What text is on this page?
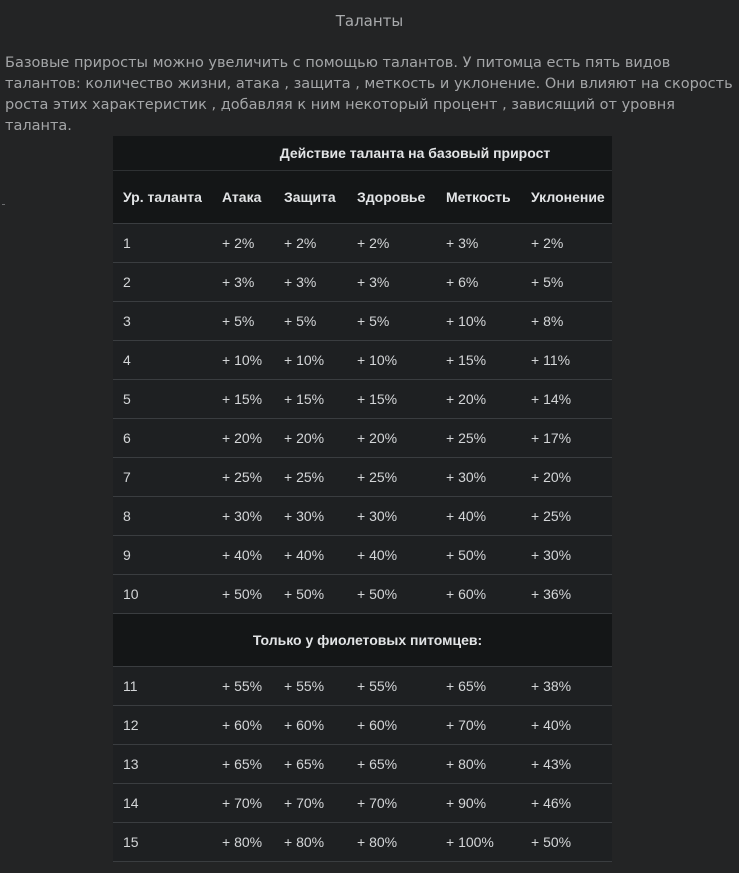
Таланты

Базовые приросты можно увеличить с помощью талантов. У питомца есть пять видов талантов: количество жизни, атака , защита , меткость и уклонение. Они влияют на скорость роста этих характеристик , добавляя к ним некоторый процент , зависящий от уровня таланта.

Действие таланта на базовый прирост					
Ур. таланта	Атака	Защита	Здоровье	Меткость	Уклонение
1	+ 2%	+ 2%	+ 2%	+ 3%	+ 2%
2	+ 3%	+ 3%	+ 3%	+ 6%	+ 5%
3	+ 5%	+ 5%	+ 5%	+ 10%	+ 8%
4	+ 10%	+ 10%	+ 10%	+ 15%	+ 11%
5	+ 15%	+ 15%	+ 15%	+ 20%	+ 14%
6	+ 20%	+ 20%	+ 20%	+ 25%	+ 17%
7	+ 25%	+ 25%	+ 25%	+ 30%	+ 20%
8	+ 30%	+ 30%	+ 30%	+ 40%	+ 25%
9	+ 40%	+ 40%	+ 40%	+ 50%	+ 30%
10	+ 50%	+ 50%	+ 50%	+ 60%	+ 36%
Только у фиолетовых питомцев:					
11	+ 55%	+ 55%	+ 55%	+ 65%	+ 38%
12	+ 60%	+ 60%	+ 60%	+ 70%	+ 40%
13	+ 65%	+ 65%	+ 65%	+ 80%	+ 43%
14	+ 70%	+ 70%	+ 70%	+ 90%	+ 46%
15	+ 80%	+ 80%	+ 80%	+ 100%	+ 50%
